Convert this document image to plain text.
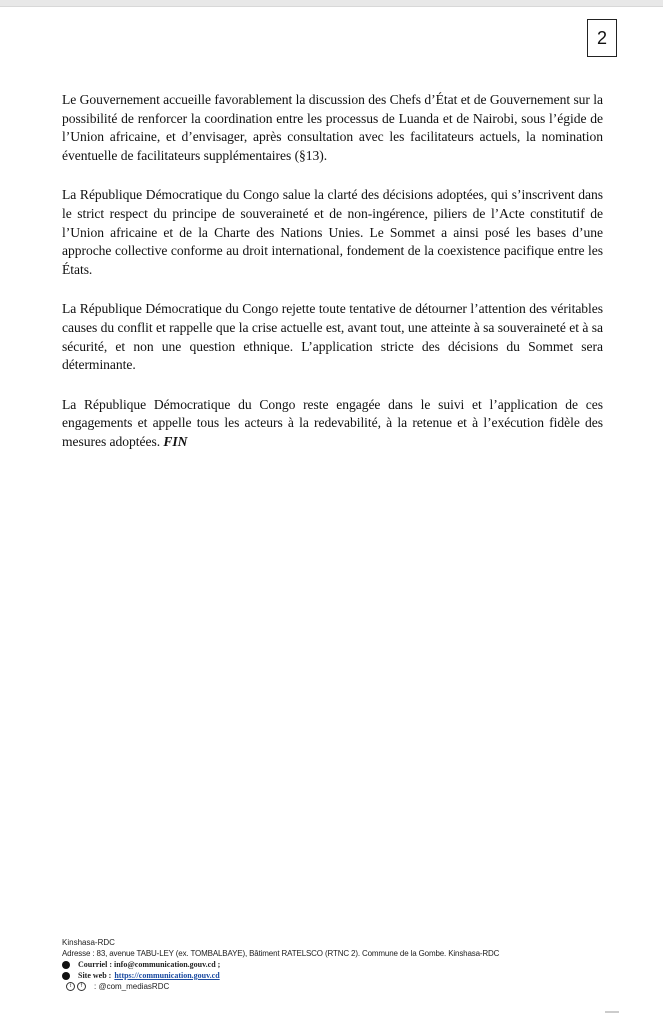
2

Le Gouvernement accueille favorablement la discussion des Chefs d’État et de Gouvernement sur la possibilité de renforcer la coordination entre les processus de Luanda et de Nairobi, sous l’égide de l’Union africaine, et d’envisager, après consultation avec les facilitateurs actuels, la nomination éventuelle de facilitateurs supplémentaires (§13).

La République Démocratique du Congo salue la clarté des décisions adoptées, qui s’inscrivent dans le strict respect du principe de souveraineté et de non-ingérence, piliers de l’Acte constitutif de l’Union africaine et de la Charte des Nations Unies. Le Sommet a ainsi posé les bases d’une approche collective conforme au droit international, fondement de la coexistence pacifique entre les États.

La République Démocratique du Congo rejette toute tentative de détourner l’attention des véritables causes du conflit et rappelle que la crise actuelle est, avant tout, une atteinte à sa souveraineté et à sa sécurité, et non une question ethnique. L’application stricte des décisions du Sommet sera déterminante.

La République Démocratique du Congo reste engagée dans le suivi et l’application de ces engagements et appelle tous les acteurs à la redevabilité, à la retenue et à l’exécution fidèle des mesures adoptées. FIN

Kinshasa-RDC
Adresse : 83, avenue TABU-LEY (ex. TOMBALBAYE), Bâtiment RATELSCO (RTNC 2). Commune de la Gombe. Kinshasa-RDC
Courriel : info@communication.gouv.cd ;
Site web : https://communication.gouv.cd
t	f	: @com_mediasRDC
